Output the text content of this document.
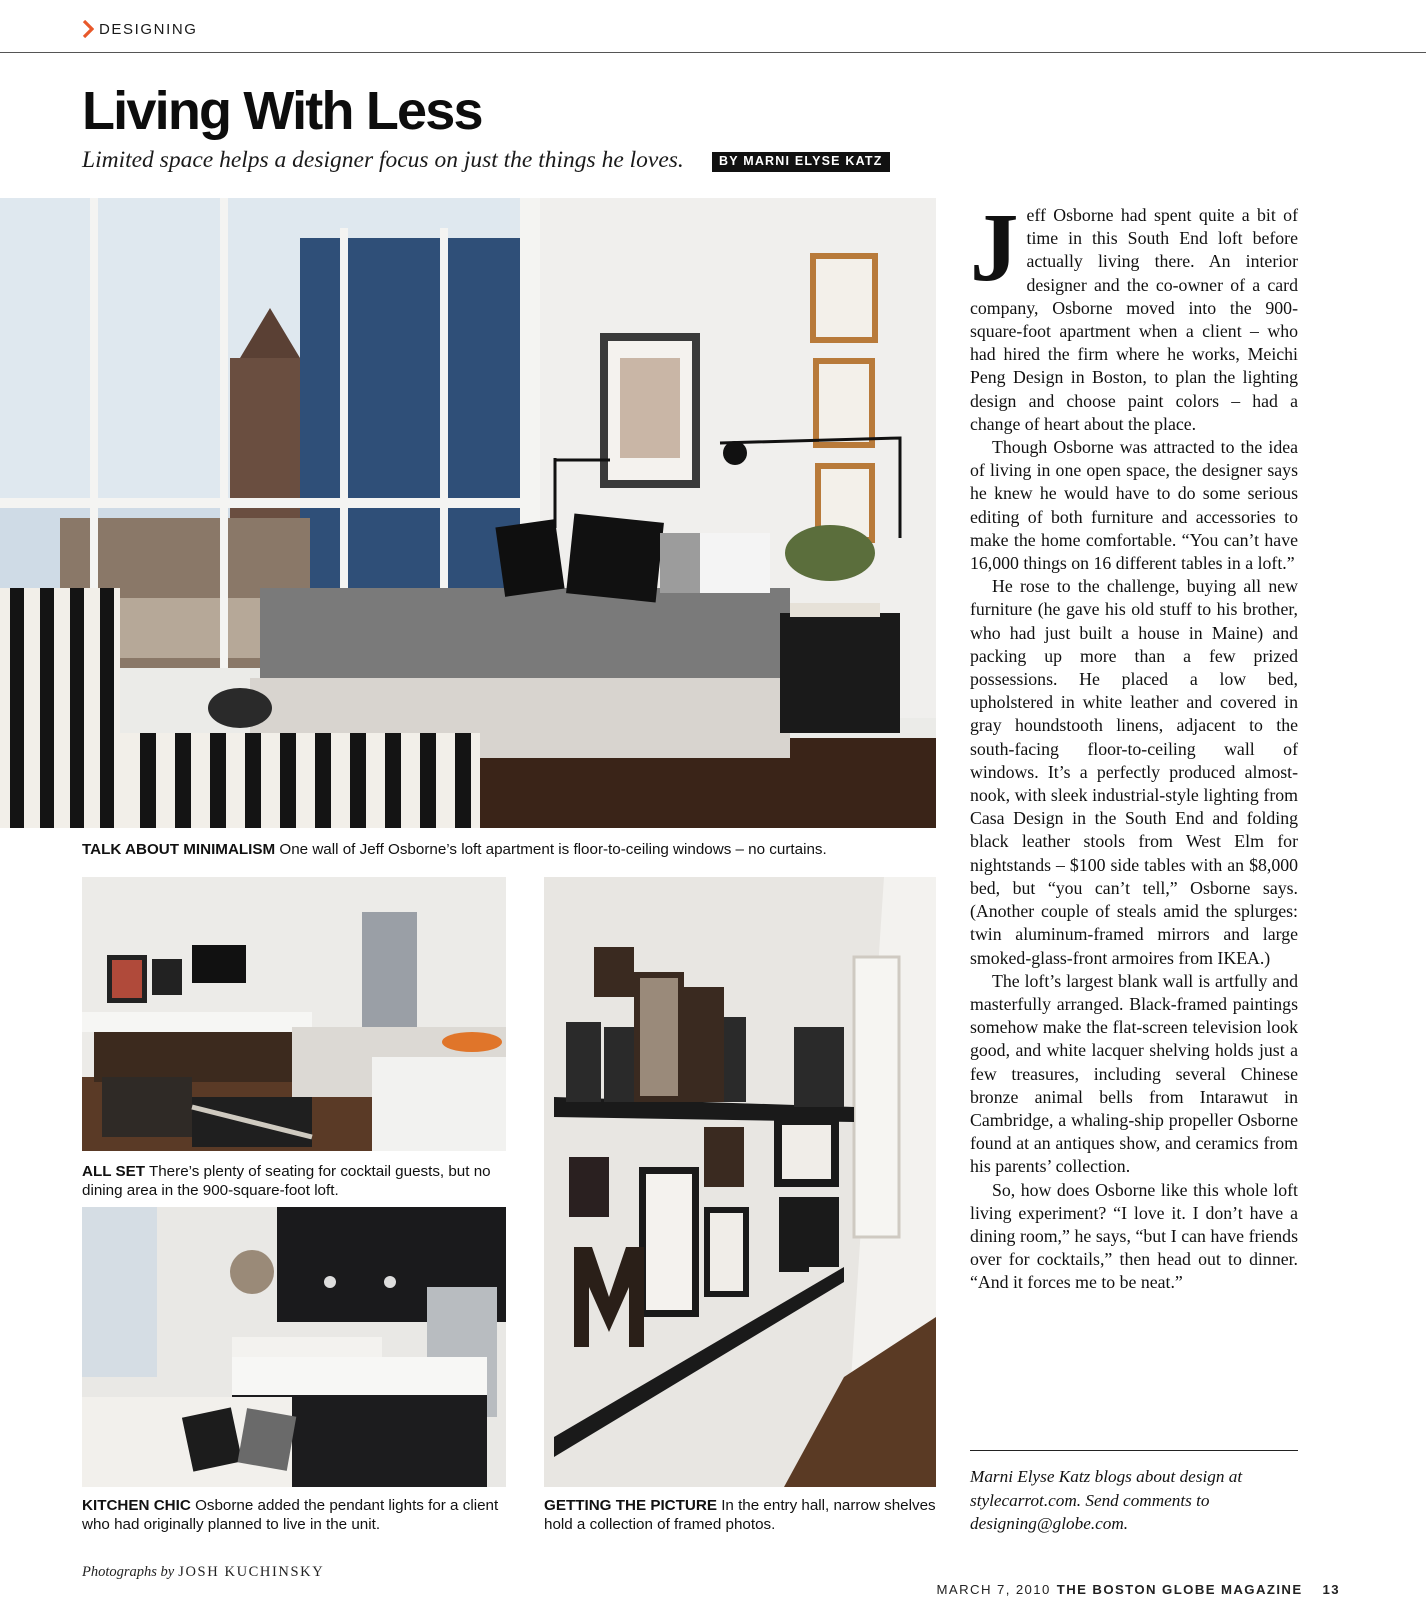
DESIGNING
Living With Less
Limited space helps a designer focus on just the things he loves.	BY MARNI ELYSE KATZ
TALK ABOUT MINIMALISM One wall of Jeff Osborne’s loft apartment is floor-to-ceiling windows – no curtains.
ALL SET There’s plenty of seating for cocktail guests, but no dining area in the 900-square-foot loft.
KITCHEN CHIC Osborne added the pendant lights for a client who had originally planned to live in the unit.
GETTING THE PICTURE In the entry hall, narrow shelves hold a collection of framed photos.

Jeff Osborne had spent quite a bit of time in this South End loft before actually living there. An interior designer and the co-owner of a card company, Osborne moved into the 900-square-foot apartment when a client – who had hired the firm where he works, Meichi Peng Design in Boston, to plan the lighting design and choose paint colors – had a change of heart about the place.

Though Osborne was attracted to the idea of living in one open space, the designer says he knew he would have to do some serious editing of both furniture and accessories to make the home comfortable. “You can’t have 16,000 things on 16 different tables in a loft.”

He rose to the challenge, buying all new furniture (he gave his old stuff to his brother, who had just built a house in Maine) and packing up more than a few prized possessions. He placed a low bed, upholstered in white leather and covered in gray houndstooth linens, adjacent to the south-facing floor-to-ceiling wall of windows. It’s a perfectly produced almost-nook, with sleek industrial-style lighting from Casa Design in the South End and folding black leather stools from West Elm for nightstands – $100 side tables with an $8,000 bed, but “you can’t tell,” Osborne says. (Another couple of steals amid the splurges: twin aluminum-framed mirrors and large smoked-glass-front armoires from IKEA.)

The loft’s largest blank wall is artfully and masterfully arranged. Black-framed paintings somehow make the flat-screen television look good, and white lacquer shelving holds just a few treasures, including several Chinese bronze animal bells from Intarawut in Cambridge, a whaling-ship propeller Osborne found at an antiques show, and ceramics from his parents’ collection.

So, how does Osborne like this whole loft living experiment? “I love it. I don’t have a dining room,” he says, “but I can have friends over for cocktails,” then head out to dinner. “And it forces me to be neat.”

Marni Elyse Katz blogs about design at stylecarrot.com. Send comments to designing@globe.com.
Photographs by JOSH KUCHINSKY
MARCH 7, 2010 THE BOSTON GLOBE MAGAZINE 13
